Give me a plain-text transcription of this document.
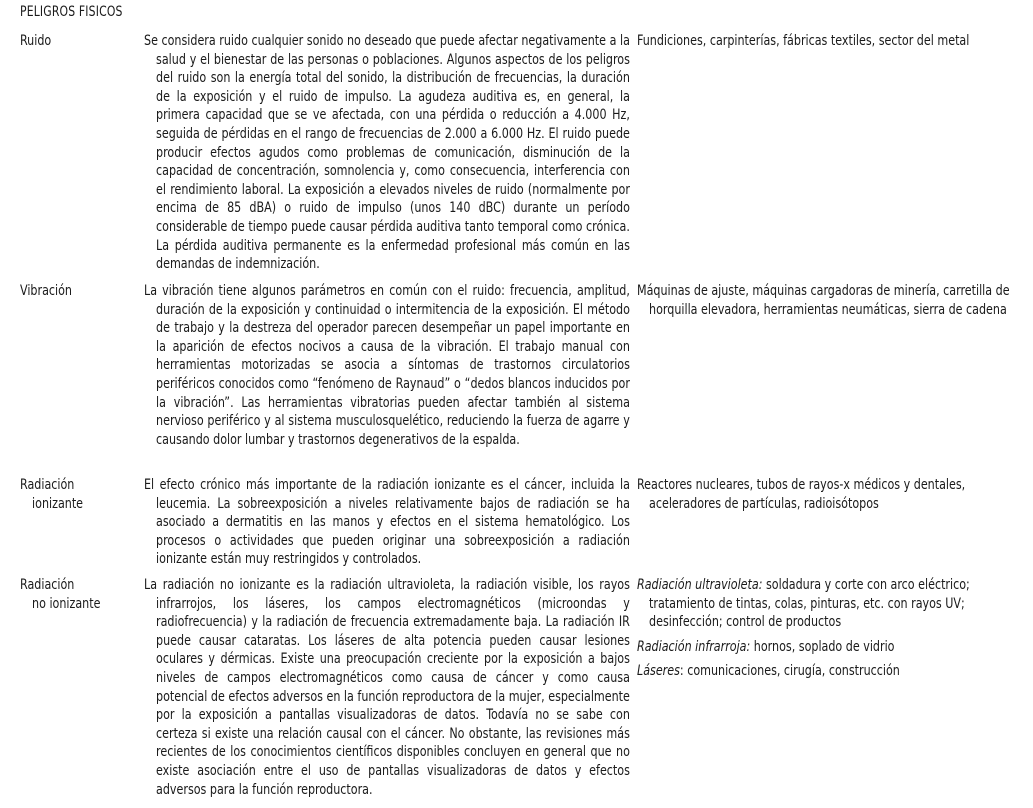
PELIGROS FISICOS
Ruido	Se considera ruido cualquier sonido no deseado que puede afectar negativamente a la salud y el bienestar de las personas o poblaciones. Algunos aspectos de los peligros del ruido son la energía total del sonido, la distribución de frecuencias, la duración de la exposición y el ruido de impulso. La agudeza auditiva es, en general, la primera capacidad que se ve afectada, con una pérdida o reducción a 4.000 Hz, seguida de pérdidas en el rango de frecuencias de 2.000 a 6.000 Hz. El ruido puede producir efectos agudos como problemas de comunicación, disminución de la capacidad de concentración, somnolencia y, como consecuencia, interferencia con el rendimiento laboral. La exposición a elevados niveles de ruido (normalmente por encima de 85 dBA) o ruido de impulso (unos 140 dBC) durante un período considerable de tiempo puede causar pérdida auditiva tanto temporal como crónica. La pérdida auditiva permanente es la enfermedad profesional más común en las demandas de indemnización.
Fundiciones, carpinterías, fábricas textiles, sector del metal
Vibración	La vibración tiene algunos parámetros en común con el ruido: frecuencia, amplitud, duración de la exposición y continuidad o intermitencia de la exposición. El método de trabajo y la destreza del operador parecen desempeñar un papel importante en la aparición de efectos nocivos a causa de la vibración. El trabajo manual con herramientas motorizadas se asocia a síntomas de trastornos circulatorios periféricos conocidos como “fenómeno de Raynaud” o “dedos blancos inducidos por la vibración”. Las herramientas vibratorias pueden afectar también al sistema nervioso periférico y al sistema musculosquelético, reduciendo la fuerza de agarre y causando dolor lumbar y trastornos degenerativos de la espalda.
Máquinas de ajuste, máquinas cargadoras de minería, carretilla de horquilla elevadora, herramientas neumáticas, sierra de cadena
Radiación
ionizante
El efecto crónico más importante de la radiación ionizante es el cáncer, incluida la leucemia. La sobreexposición a niveles relativamente bajos de radiación se ha asociado a dermatitis en las manos y efectos en el sistema hematológico. Los procesos o actividades que pueden originar una sobreexposición a radiación ionizante están muy restringidos y controlados.
Reactores nucleares, tubos de rayos-x médicos y dentales, aceleradores de partículas, radioisótopos
Radiación
no ionizante
La radiación no ionizante es la radiación ultravioleta, la radiación visible, los rayos infrarrojos, los láseres, los campos electromagnéticos (microondas y radiofrecuencia) y la radiación de frecuencia extremadamente baja. La radiación IR puede causar cataratas. Los láseres de alta potencia pueden causar lesiones oculares y dérmicas. Existe una preocupación creciente por la exposición a bajos niveles de campos electromagnéticos como causa de cáncer y como causa potencial de efectos adversos en la función reproductora de la mujer, especialmente por la exposición a pantallas visualizadoras de datos. Todavía no se sabe con certeza si existe una relación causal con el cáncer. No obstante, las revisiones más recientes de los conocimientos científicos disponibles concluyen en general que no existe asociación entre el uso de pantallas visualizadoras de datos y efectos adversos para la función reproductora.
Radiación ultravioleta: soldadura y corte con arco eléctrico; tratamiento de tintas, colas, pinturas, etc. con rayos UV; desinfección; control de productos
Radiación infrarroja: hornos, soplado de vidrio
Láseres: comunicaciones, cirugía, construcción
